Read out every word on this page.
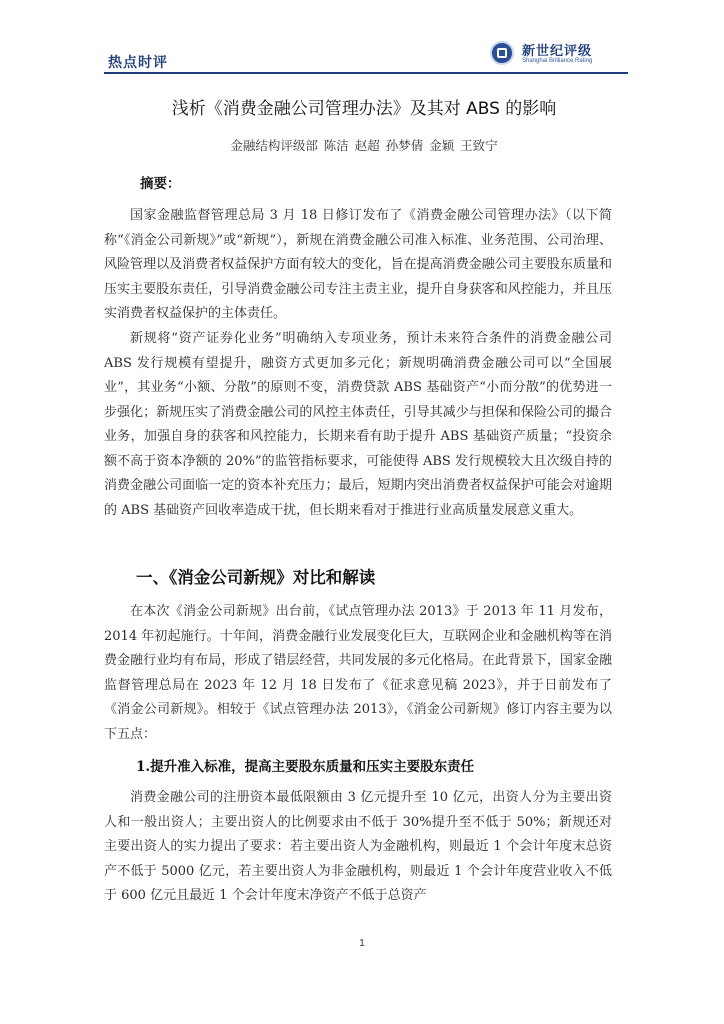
热点时评
新世纪评级
Shanghai Brilliance Rating
浅析《消费金融公司管理办法》及其对 ABS 的影响
金融结构评级部 陈洁 赵超 孙梦倩 金颖 王致宁
摘要：

国家金融监督管理总局 3 月 18 日修订发布了《消费金融公司管理办法》（以下简称“《消金公司新规》”或“新规”），新规在消费金融公司准入标准、业务范围、公司治理、风险管理以及消费者权益保护方面有较大的变化，旨在提高消费金融公司主要股东质量和压实主要股东责任，引导消费金融公司专注主责主业，提升自身获客和风控能力，并且压实消费者权益保护的主体责任。

新规将“资产证券化业务”明确纳入专项业务，预计未来符合条件的消费金融公司 ABS 发行规模有望提升，融资方式更加多元化；新规明确消费金融公司可以“全国展业”，其业务“小额、分散”的原则不变，消费贷款 ABS 基础资产“小而分散”的优势进一步强化；新规压实了消费金融公司的风控主体责任，引导其减少与担保和保险公司的撮合业务，加强自身的获客和风控能力，长期来看有助于提升 ABS 基础资产质量；“投资余额不高于资本净额的 20%”的监管指标要求，可能使得 ABS 发行规模较大且次级自持的消费金融公司面临一定的资本补充压力；最后，短期内突出消费者权益保护可能会对逾期的 ABS 基础资产回收率造成干扰，但长期来看对于推进行业高质量发展意义重大。

一、《消金公司新规》对比和解读

在本次《消金公司新规》出台前，《试点管理办法 2013》于 2013 年 11 月发布，2014 年初起施行。十年间，消费金融行业发展变化巨大，互联网企业和金融机构等在消费金融行业均有布局，形成了错层经营，共同发展的多元化格局。在此背景下，国家金融监督管理总局在 2023 年 12 月 18 日发布了《征求意见稿 2023》，并于日前发布了《消金公司新规》。相较于《试点管理办法 2013》，《消金公司新规》修订内容主要为以下五点：

1.提升准入标准，提高主要股东质量和压实主要股东责任

消费金融公司的注册资本最低限额由 3 亿元提升至 10 亿元，出资人分为主要出资人和一般出资人；主要出资人的比例要求由不低于 30%提升至不低于 50%；新规还对主要出资人的实力提出了要求：若主要出资人为金融机构，则最近 1 个会计年度末总资产不低于 5000 亿元，若主要出资人为非金融机构，则最近 1 个会计年度营业收入不低于 600 亿元且最近 1 个会计年度末净资产不低于总资产

1
